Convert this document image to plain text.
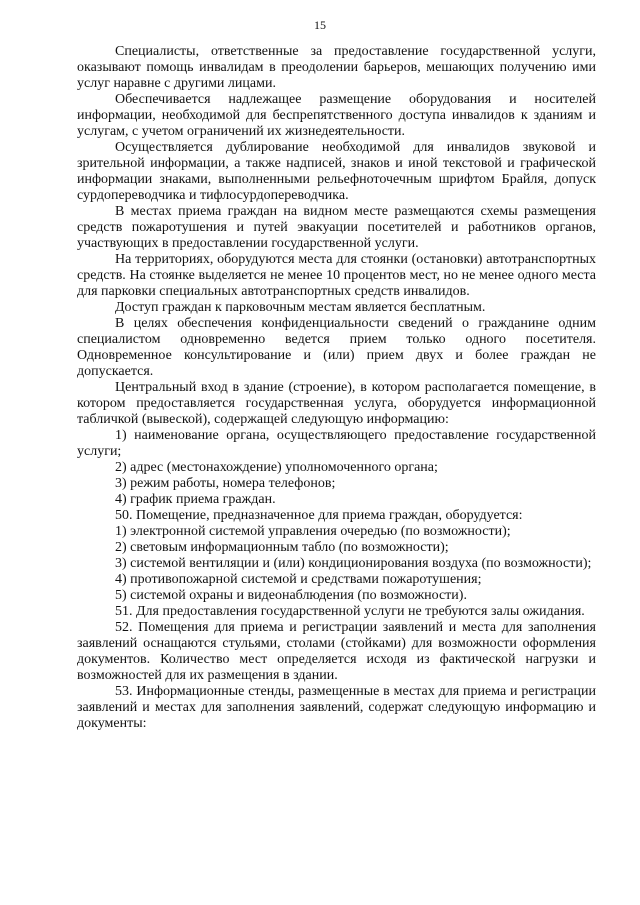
15

Специалисты, ответственные за предоставление государственной услуги, оказывают помощь инвалидам в преодолении барьеров, мешающих получению ими услуг наравне с другими лицами.

Обеспечивается надлежащее размещение оборудования и носителей информации, необходимой для беспрепятственного доступа инвалидов к зданиям и услугам, с учетом ограничений их жизнедеятельности.

Осуществляется дублирование необходимой для инвалидов звуковой и зрительной информации, а также надписей, знаков и иной текстовой и графической информации знаками, выполненными рельефноточечным шрифтом Брайля, допуск сурдопереводчика и тифлосурдопереводчика.

В местах приема граждан на видном месте размещаются схемы размещения средств пожаротушения и путей эвакуации посетителей и работников органов, участвующих в предоставлении государственной услуги.

На территориях, оборудуются места для стоянки (остановки) автотранспортных средств. На стоянке выделяется не менее 10 процентов мест, но не менее одного места для парковки специальных автотранспортных средств инвалидов.

Доступ граждан к парковочным местам является бесплатным.

В целях обеспечения конфиденциальности сведений о гражданине одним специалистом одновременно ведется прием только одного посетителя. Одновременное консультирование и (или) прием двух и более граждан не допускается.

Центральный вход в здание (строение), в котором располагается помещение, в котором предоставляется государственная услуга, оборудуется информационной табличкой (вывеской), содержащей следующую информацию:

1) наименование органа, осуществляющего предоставление государственной услуги;

2) адрес (местонахождение) уполномоченного органа;

3) режим работы, номера телефонов;

4) график приема граждан.

50. Помещение, предназначенное для приема граждан, оборудуется:

1) электронной системой управления очередью (по возможности);

2) световым информационным табло (по возможности);

3) системой вентиляции и (или) кондиционирования воздуха (по возможности);

4) противопожарной системой и средствами пожаротушения;

5) системой охраны и видеонаблюдения (по возможности).

51. Для предоставления государственной услуги не требуются залы ожидания.

52. Помещения для приема и регистрации заявлений и места для заполнения заявлений оснащаются стульями, столами (стойками) для возможности оформления документов. Количество мест определяется исходя из фактической нагрузки и возможностей для их размещения в здании.

53. Информационные стенды, размещенные в местах для приема и регистрации заявлений и местах для заполнения заявлений, содержат следующую информацию и документы:
